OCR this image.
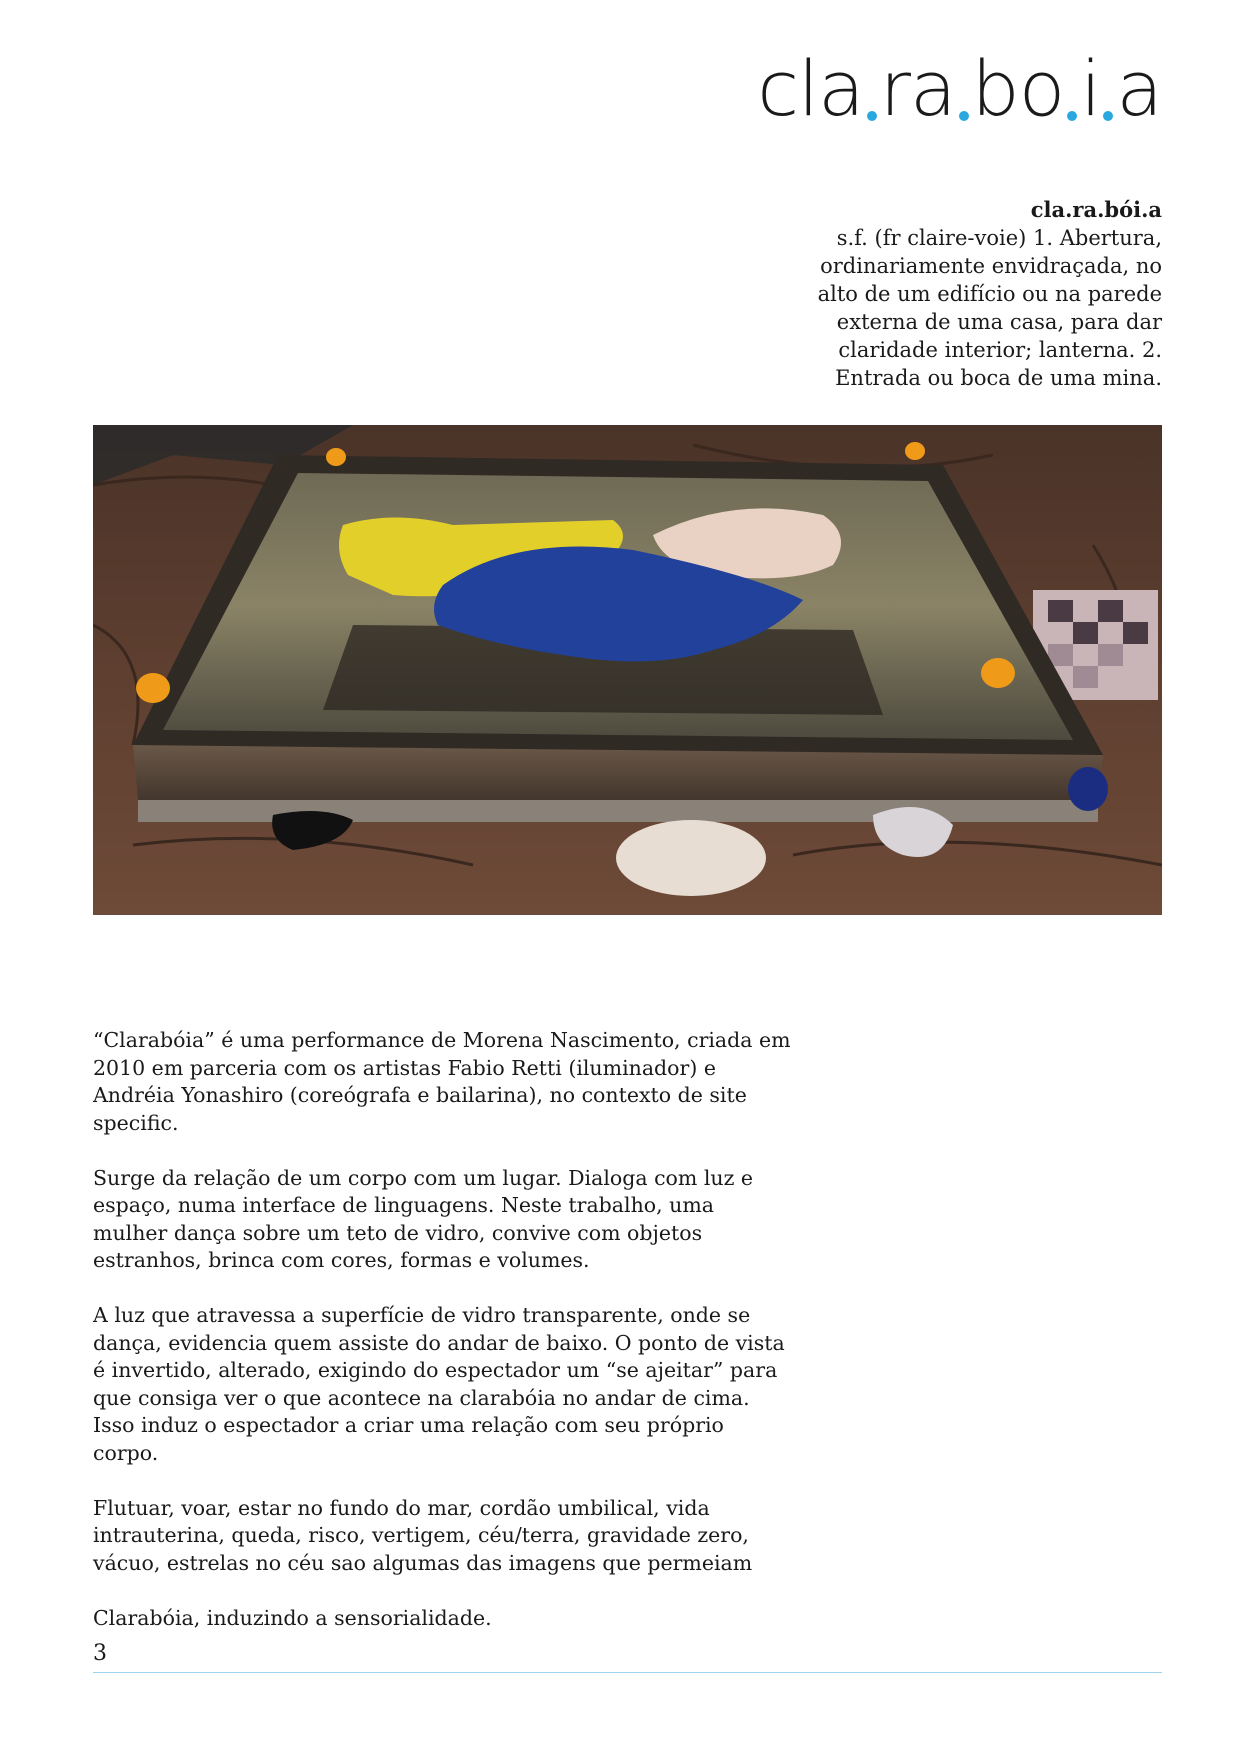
cla ra bo i a
cla.ra.bói.a
s.f. (fr claire-voie) 1. Abertura,
ordinariamente envidraçada, no
alto de um edifício ou na parede
externa de uma casa, para dar
claridade interior; lanterna. 2.
Entrada ou boca de uma mina.

“Clarabóia” é uma performance de Morena Nascimento, criada em 2010 em parceria com os artistas Fabio Retti (iluminador) e Andréia Yonashiro (coreógrafa e bailarina), no contexto de site specific.

Surge da relação de um corpo com um lugar. Dialoga com luz e espaço, numa interface de linguagens. Neste trabalho, uma mulher dança sobre um teto de vidro, convive com objetos estranhos, brinca com cores, formas e volumes.

A luz que atravessa a superfície de vidro transparente, onde se dança, evidencia quem assiste do andar de baixo. O ponto de vista é invertido, alterado, exigindo do espectador um “se ajeitar” para que consiga ver o que acontece na clarabóia no andar de cima. Isso induz o espectador a criar uma relação com seu próprio corpo.

Flutuar, voar, estar no fundo do mar, cordão umbilical, vida intrauterina, queda, risco, vertigem, céu/terra, gravidade zero, vácuo, estrelas no céu sao algumas das imagens que permeiam

Clarabóia, induzindo a sensorialidade.

3
